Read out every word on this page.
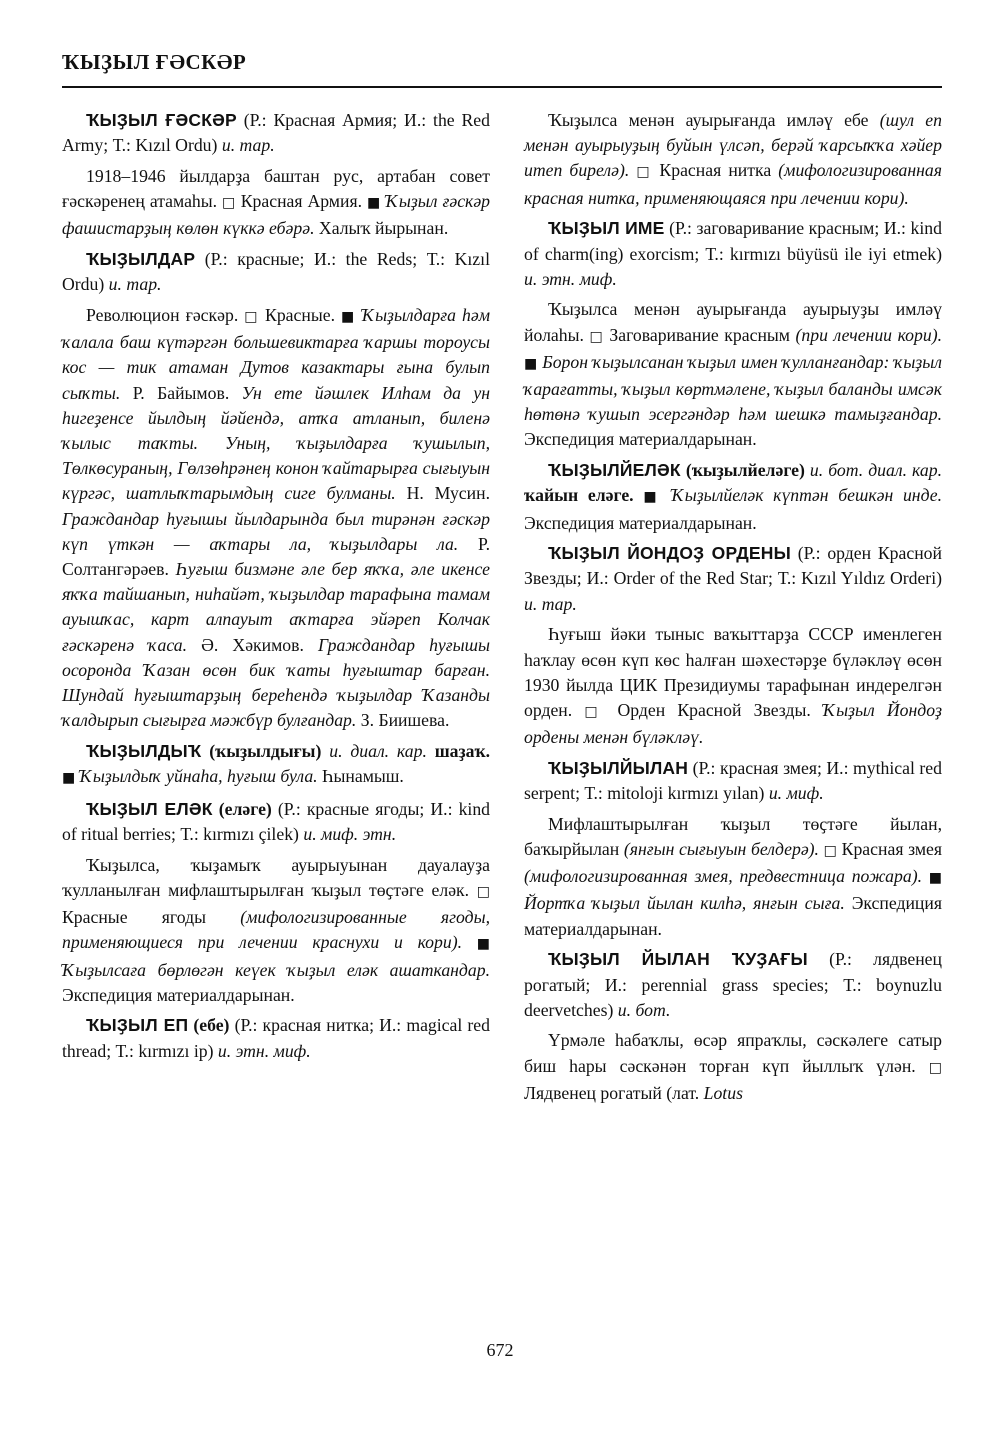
ҠЫҘЫЛ ҒӘСКӘР

ҠЫҘЫЛ ҒӘСКӘР (Р.: Красная Армия; И.: the Red Army; Т.: Kızıl Ordu) и. тар.

1918–1946 йылдарҙа баштан рус, артабан совет ғәскәренең атамаһы. □ Красная Армия. ■ Ҡыҙыл ғәскәр фашистарҙың көлөн күккә ебәрә. Халыҡ йырынан.

ҠЫҘЫЛДАР (Р.: красные; И.: the Reds; Т.: Kızıl Ordu) и. тар.

Революцион ғәскәр. □ Красные. ■ Ҡыҙылдарға һәм ҡалала баш күтәргән большевиктарға ҡаршы тороусы кос — тик атаман Дутов казактары ғына булып сыҡты. Р. Байымов. Ун ете йәшлек Илһам да ун һигеҙенсе йылдың йәйендә, атҡа атланып, биленә ҡылыс таҡты. Уның, ҡыҙылдарға ҡушылып, Төлкөсураның, Гөлзөһрәнең конон ҡайтарырға сығыуын күргәс, шатлыҡтарымдың сиге булманы. Н. Мусин. Граждандар һуғышы йылдарында был тирәнән ғәскәр күп үткән — аҡтары ла, ҡыҙылдары ла. Р. Солтангәрәев. Һуғыш бизмәне әле бер яҡҡа, әле икенсе яҡҡа тайшанып, ниһайәт, ҡыҙылдар тарафына тамам ауышҡас, карт алпауыт аҡтарға эйәреп Колчак ғәскәренә ҡаса. Ә. Хәкимов. Граждандар һуғышы осоронда Ҡазан өсөн бик ҡаты һуғыштар барған. Шундай һуғыштарҙың береһендә ҡыҙылдар Ҡазанды ҡалдырып сығырға мәжбүр булғандар. З. Биишева.

ҠЫҘЫЛДЫҠ (ҡыҙылдығы) и. диал. кар. шаҙаҡ. ■ Ҡыҙылдыҡ уйнаһа, һуғыш була. Һынамыш.

ҠЫҘЫЛ ЕЛӘК (еләге) (Р.: красные ягоды; И.: kind of ritual berries; Т.: kırmızı çilek) и. миф. этн.

Ҡыҙылса, ҡыҙамыҡ ауырыуынан дауалауҙа ҡулланылған мифлаштырылған ҡыҙыл төҫтәге еләк. □ Красные ягоды (мифологизированные ягоды, применяющиеся при лечении краснухи и кори). ■ Ҡыҙылсаға бөрлөгән кеүек ҡыҙыл еләк ашаткандар. Экспедиция материалдарынан.

ҠЫҘЫЛ ЕП (ебе) (Р.: красная нитка; И.: magical red thread; Т.: kırmızı ip) и. этн. миф.

Ҡыҙылса менән ауырығанда имләү ебе (шул еп менән ауырыуҙың буйын үлсәп, берәй ҡарсыҡҡа хәйер итеп бирелә). □ Красная нитка (мифологизированная красная нитка, применяющаяся при лечении кори).

ҠЫҘЫЛ ИМЕ (Р.: заговаривание красным; И.: kind of charm(ing) exorcism; Т.: kırmızı büyüsü ile iyi etmek) и. этн. миф.

Ҡыҙылса менән ауырығанда ауырыуҙы имләү йолаһы. □ Заговаривание красным (при лечении кори). ■ Борон ҡыҙылсанан ҡыҙыл имен ҡулланғандар: ҡыҙыл ҡарағатты, ҡыҙыл көртмәлене, ҡыҙыл баланды имсәк һөтөнә ҡушып эсергәндәр һәм шешкә тамыҙғандар. Экспедиция материалдарынан.

ҠЫҘЫЛЙЕЛӘК (ҡыҙылйеләге) и. бот. диал. кар. ҡайын еләге. ■ Ҡыҙылйеләк күптән бешкән инде. Экспедиция материалдарынан.

ҠЫҘЫЛ ЙОНДОҘ ОРДЕНЫ (Р.: орден Красной Звезды; И.: Order of the Red Star; Т.: Kızıl Yıldız Orderi) и. тар.

Һуғыш йәки тыныс ваҡыттарҙа СССР именлеген һаҡлау өсөн күп көс һалған шәхестәрҙе бүләкләү өсөн 1930 йылда ЦИК Президиумы тарафынан индерелгән орден. □ Орден Красной Звезды. Ҡыҙыл Йондоҙ ордены менән бүләкләү.

ҠЫҘЫЛЙЫЛАН (Р.: красная змея; И.: mythical red serpent; Т.: mitoloji kırmızı yılan) и. миф.

Мифлаштырылған ҡыҙыл төҫтәге йылан, баҡырйылан (янғын сығыуын белдерә). □ Красная змея (мифологизированная змея, предвестница пожара). ■ Йортҡа ҡыҙыл йылан килһә, янғын сыға. Экспедиция материалдарынан.

ҠЫҘЫЛ ЙЫЛАН ҠУҘАҒЫ (Р.: лядвенец рогатый; И.: perennial grass species; Т.: boynuzlu deervetches) и. бот.

Үрмәле һабаҡлы, өсәр япраҡлы, сәскәлеге сатыр биш һары сәскәнән торған күп йыллыҡ үлән. □ Лядвенец рогатый (лат. Lotus

672
